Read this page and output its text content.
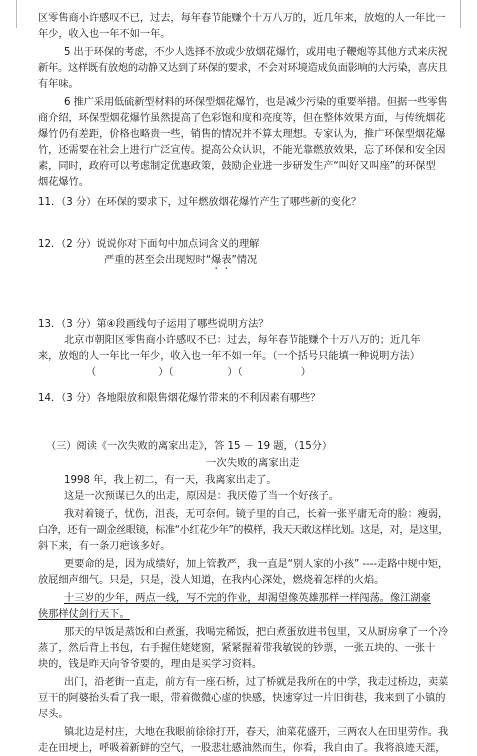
区零售商小许感叹不已，过去，每年春节能赚个十万八万的，近几年来，放炮的人一年比一
年少，收入也一年不如一年。
5 出于环保的考虑，不少人选择不放或少放烟花爆竹，或用电子鞭炮等其他方式来庆祝
新年。这样既有放炮的动静又达到了环保的要求，不会对环境造成负面影响的大污染，喜庆且
有年味。
6 推广采用低硫新型材料的环保型烟花爆竹，也是减少污染的重要举措。但据一些零售
商介绍，环保型烟花爆竹虽然提高了色彩饱和度和亮度等，但在整体效果方面，与传统烟花
爆竹仍有差距，价格也略贵一些，销售的情况并不算太理想。专家认为，推广环保型烟花爆
竹，还需要在社会上进行广泛宣传。提高公众认识，不能光靠燃放效果，忘了环保和安全因
素，同时，政府可以考虑制定优惠政策，鼓励企业进一步研发生产“叫好又叫座”的环保型
烟花爆竹。
11．（3 分）在环保的要求下，过年燃放烟花爆竹产生了哪些新的变化？
12．（2 分）说说你对下面句中加点词含义的理解
严重的甚至会出现短时“爆表”情况
13．（3 分）第④段画线句子运用了哪些说明方法？
北京市朝阳区零售商小许感叹不已：过去，每年春节能赚个十万八万的；近几年
来，放炮的人一年比一年少，收入也一年不如一年。（一个括号只能填一种说明方法）
（	）（	）（	）
14．（3 分）各地限放和限售烟花爆竹带来的不利因素有哪些？
（三）阅读《一次失败的离家出走》，答 15 － 19 题，（15分）
一次失败的离家出走
1998 年，我上初二，有一天，我离家出走了。
这是一次预谋已久的出走，原因是：我厌倦了当一个好孩子。
我对着镜子，忧伤，沮丧，无可奈何。镜子里的自己，长着一张平庸无奇的脸：瘦弱，
白净，还有一副金丝眼镜，标准“小红花少年”的模样，我天天敢这样比划。这是，对，是这里，
斜下来，有一条刀疤该多好。
更要命的是，因为成绩好，加上管教严，我一直是“别人家的小孩” ----走路中规中矩，
放屁细声细气。只是，只是，没人知道，在我内心深处，燃烧着怎样的火焰。
十三岁的少年，两点一线，写不完的作业，却渴望像英雄那样一样闯荡。像江湖豪
侠那样仗剑行天下。
那天的早饭是蒸饭和白煮蛋，我喝完稀饭，把白煮蛋放进书包里，又从厨房拿了一个冷
蒸了，然后背上书包，右手握住姥姥窗，紧紧握着带我敏锐的钞票，一张五块的、一张十
块的，钱是昨天向爷爷要的，理由是买学习资料。
出门，沿老街一直走，前方有一座石桥，过了桥就是我所在的中学，我走过桥边，卖菜
豆干的阿婆抬头看了我一眼，带着微微心虚的快感，快速穿过一片旧街巷，我来到了小镇的
尽头。
镇北边是村庄，大地在我眼前徐徐打开，春天，油菜花盛开，三两农人在田里劳作。我
走在田埂上，呼吸着新鲜的空气，一股悲壮感油然而生，你看，我自由了。我将浪迹天涯，
